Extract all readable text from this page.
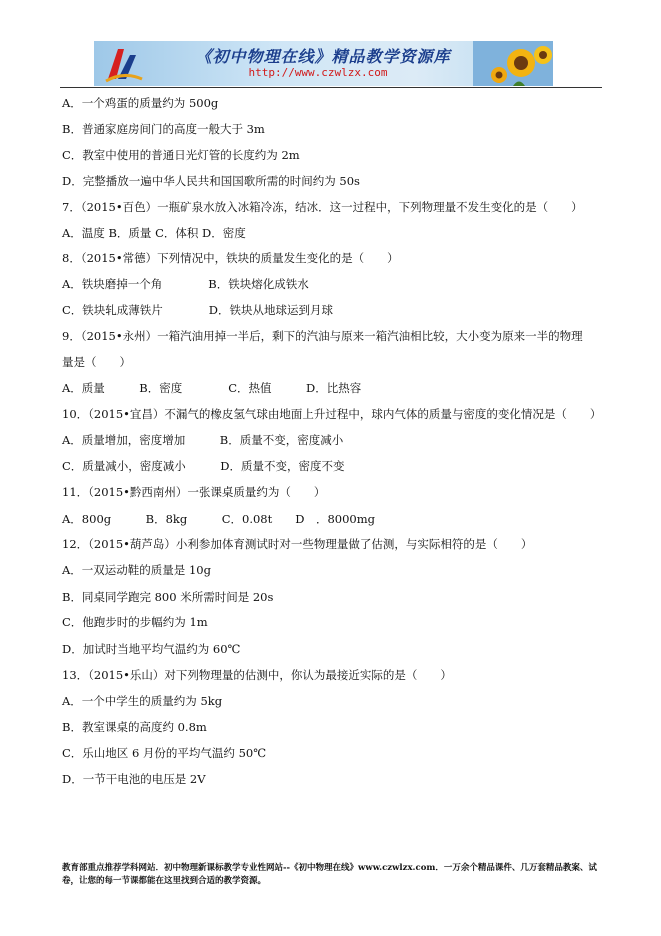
《初中物理在线》精品教学资源库
http://www.czwlzx.com
A．一个鸡蛋的质量约为 500g
B．普通家庭房间门的高度一般大于 3m
C．教室中使用的普通日光灯管的长度约为 2m
D．完整播放一遍中华人民共和国国歌所需的时间约为 50s
7．（2015•百色）一瓶矿泉水放入冰箱冷冻，结冰．这一过程中，下列物理量不发生变化的是（　　）
A．温度 B．质量 C．体积 D．密度
8．（2015•常德）下列情况中，铁块的质量发生变化的是（　　）
A．铁块磨掉一个角　　　　B．铁块熔化成铁水
C．铁块轧成薄铁片　　　　D．铁块从地球运到月球
9．（2015•永州）一箱汽油用掉一半后，剩下的汽油与原来一箱汽油相比较，大小变为原来一半的物理
量是（　　）
A．质量　　　B．密度　　　　C．热值　　　D．比热容
10．（2015•宜昌）不漏气的橡皮氢气球由地面上升过程中，球内气体的质量与密度的变化情况是（　　）
A．质量增加，密度增加　　　B．质量不变，密度减小
C．质量减小，密度减小　　　D．质量不变，密度不变
11．（2015•黔西南州）一张课桌质量约为（　　）
A．800g　　　B．8kg　　　C．0.08t　　D　．8000mg
12．（2015•葫芦岛）小利参加体育测试时对一些物理量做了估测，与实际相符的是（　　）
A．一双运动鞋的质量是 10g
B．同桌同学跑完 800 米所需时间是 20s
C．他跑步时的步幅约为 1m
D．加试时当地平均气温约为 60℃
13．（2015•乐山）对下列物理量的估测中，你认为最接近实际的是（　　）
A．一个中学生的质量约为 5kg
B．教室课桌的高度约 0.8m
C．乐山地区 6 月份的平均气温约 50℃
D．一节干电池的电压是 2V
教育部重点推荐学科网站．初中物理新课标教学专业性网站--《初中物理在线》www.czwlzx.com．一万余个精品课件、几万套精品教案、试卷，让您的每一节课都能在这里找到合适的教学资源。
